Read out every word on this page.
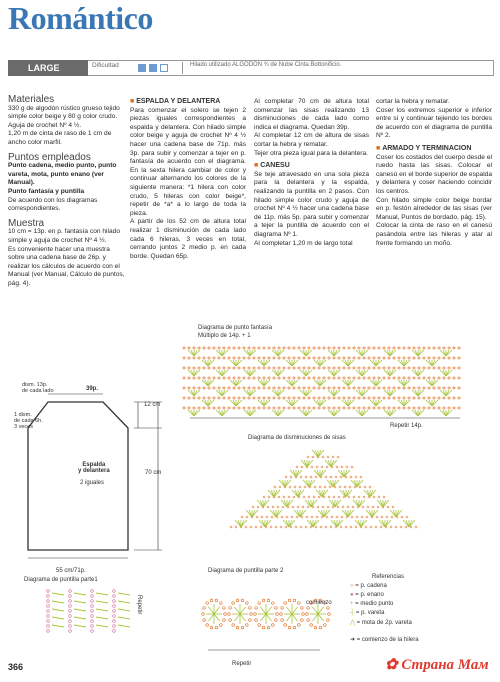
Romántico
LARGE	Dificultad	Hilado utilizado ALGODON ¾ de Nube Cinta Bottonificio.
Materiales
330 g de algodón rústico grueso tejido simple color beige y 80 g color crudo.
Aguja de crochet Nº 4 ½.
1,20 m de cinta de raso de 1 cm de ancho color marfil.
Puntos empleados
Punto cadena, medio punto, punto vareta, mota, punto enano (ver Manual).
Punto fantasía y puntilla
De acuerdo con los diagramas correspondientes.
Muestra
10 cm = 13p. en p. fantasía con hilado simple y aguja de crochet Nº 4 ½.
Es conveniente hacer una muestra sobre una cadena base de 26p. y realizar los cálculos de acuerdo con el Manual (ver Manual, Cálculo de puntos, pág. 4).
■ ESPALDA Y DELANTERA
Para comenzar el solero se tejen 2 piezas iguales correspondientes a espalda y delantera. Con hilado simple color beige y aguja de crochet Nº 4 ½ hacer una cadena base de 71p. más 3p. para subir y comenzar a tejer en p. fantasía de acuerdo con el diagrama. En la sexta hilera cambiar de color y continuar alternando los colores de la siguiente manera: *1 hilera con color crudo, 5 hileras con color beige*, repetir de *a* a lo largo de toda la pieza.
A partir de los 52 cm de altura total realizar 1 disminución de cada lado cada 6 hileras, 3 veces en total, cerrando juntos 2 medio p. en cada borde. Quedan 65p.
Al completar 70 cm de altura total comenzar las sisas realizando 13 disminuciones de cada lado como indica el diagrama. Quedan 39p.
Al completar 12 cm de altura de sisas cortar la hebra y rematar.
Tejer otra pieza igual para la delantera.
■ CANESU
Se teje atravesado en una sola pieza para la delantera y la espalda, realizando la puntilla en 2 pasos. Con hilado simple color crudo y aguja de crochet Nº 4 ½ hacer una cadena base de 11p. más 5p. para subir y comenzar a tejer la puntilla de acuerdo con el diagrama Nº 1.
Al completar 1,20 m de largo total
cortar la hebra y rematar.
Coser los extremos superior e inferior entre sí y continuar tejiendo los bordes de acuerdo con el diagrama de puntilla Nº 2.
■ ARMADO Y TERMINACION
Coser los costados del cuerpo desde el ruedo hasta las sisas. Colocar el canesú en el borde superior de espalda y delantera y coser haciendo coincidir los centros.
Con hilado simple color beige bordar en p. festón alrededor de las sisas (ver Manual, Puntos de bordado, pág. 15).
Colocar la cinta de raso en el canesú pasándola entre las hileras y atar al frente formando un moño.
39p.
dism. 13p.
de cada lado
1 dism.
de cada 6h.
3 veces
12 cm
70 cm
Espalda
y delantera
2 iguales
55 cm/71p.
Diagrama de punto fantasía
Múltiplo de 14p. + 1
Repetir 14p.
Diagrama de disminuciones de sisas
Diagrama de puntilla parte1
Repetir
Diagrama de puntilla parte 2
comienzo
Repetir
Referencias
○ = p. cadena
● = p. enano
+ = medio punto
┼ = p. vareta
⋀ = mota de 2p. vareta
➜ = comienzo de la hilera
366	✿ Страна Мам
